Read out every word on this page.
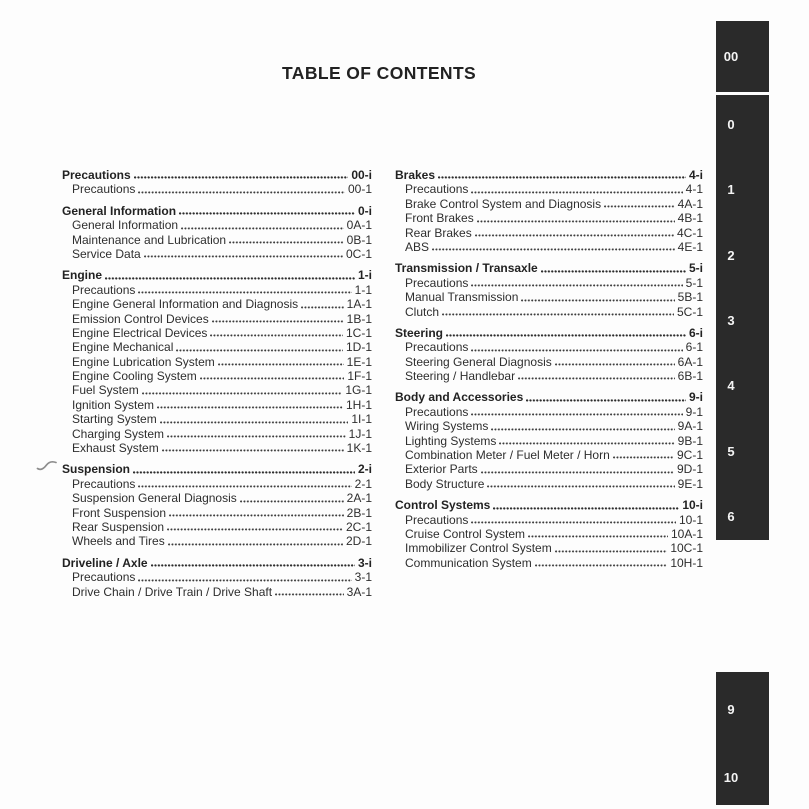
TABLE OF CONTENTS
Precautions	00-i
Precautions	00-1
General Information	0-i
General Information	0A-1
Maintenance and Lubrication	0B-1
Service Data	0C-1
Engine	1-i
Precautions	1-1
Engine General Information and Diagnosis	1A-1
Emission Control Devices	1B-1
Engine Electrical Devices	1C-1
Engine Mechanical	1D-1
Engine Lubrication System	1E-1
Engine Cooling System	1F-1
Fuel System	1G-1
Ignition System	1H-1
Starting System	1I-1
Charging System	1J-1
Exhaust System	1K-1
Suspension	2-i
Precautions	2-1
Suspension General Diagnosis	2A-1
Front Suspension	2B-1
Rear Suspension	2C-1
Wheels and Tires	2D-1
Driveline / Axle	3-i
Precautions	3-1
Drive Chain / Drive Train / Drive Shaft	3A-1
Brakes	4-i
Precautions	4-1
Brake Control System and Diagnosis	4A-1
Front Brakes	4B-1
Rear Brakes	4C-1
ABS	4E-1
Transmission / Transaxle	5-i
Precautions	5-1
Manual Transmission	5B-1
Clutch	5C-1
Steering	6-i
Precautions	6-1
Steering General Diagnosis	6A-1
Steering / Handlebar	6B-1
Body and Accessories	9-i
Precautions	9-1
Wiring Systems	9A-1
Lighting Systems	9B-1
Combination Meter / Fuel Meter / Horn	9C-1
Exterior Parts	9D-1
Body Structure	9E-1
Control Systems	10-i
Precautions	10-1
Cruise Control System	10A-1
Immobilizer Control System	10C-1
Communication System	10H-1
00
0
1
2
3
4
5
6
9
10
